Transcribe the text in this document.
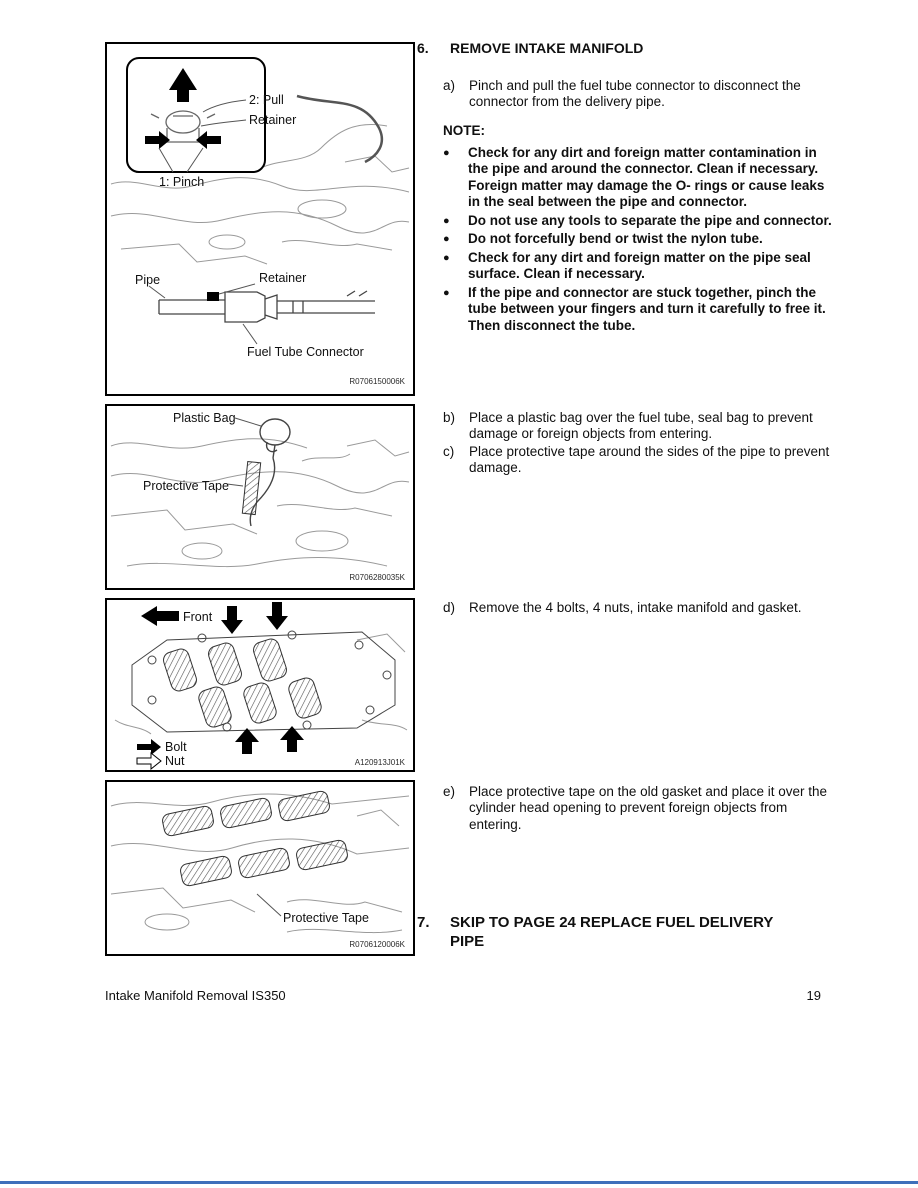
2: Pull
Retainer
1: Pinch
Pipe	Retainer
Fuel Tube Connector
R0706150006K
Plastic Bag
Protective Tape
R0706280035K
Front
Bolt
Nut	A120913J01K
Protective Tape
R0706120006K
6.	REMOVE INTAKE MANIFOLD
a)	Pinch and pull the fuel tube connector to disconnect the connector from the delivery pipe.
NOTE:
●	Check for any dirt and foreign matter contamination in the pipe and around the connector. Clean if necessary. Foreign matter may damage the O- rings or cause leaks in the seal between the pipe and connector.
●	Do not use any tools to separate the pipe and connector.
●	Do not forcefully bend or twist the nylon tube.
●	Check for any dirt and foreign matter on the pipe seal surface. Clean if necessary.
●	If the pipe and connector are stuck together, pinch the tube between your fingers and turn it carefully to free it. Then disconnect the tube.
b)	Place a plastic bag over the fuel tube, seal bag to prevent damage or foreign objects from entering.
c)	Place protective tape around the sides of the pipe to prevent damage.
d)	Remove the 4 bolts, 4 nuts, intake manifold and gasket.
e)	Place protective tape on the old gasket and place it over the cylinder head opening to prevent foreign objects from entering.
7.	SKIP TO PAGE 24 REPLACE FUEL DELIVERY PIPE
Intake Manifold Removal IS350	19
